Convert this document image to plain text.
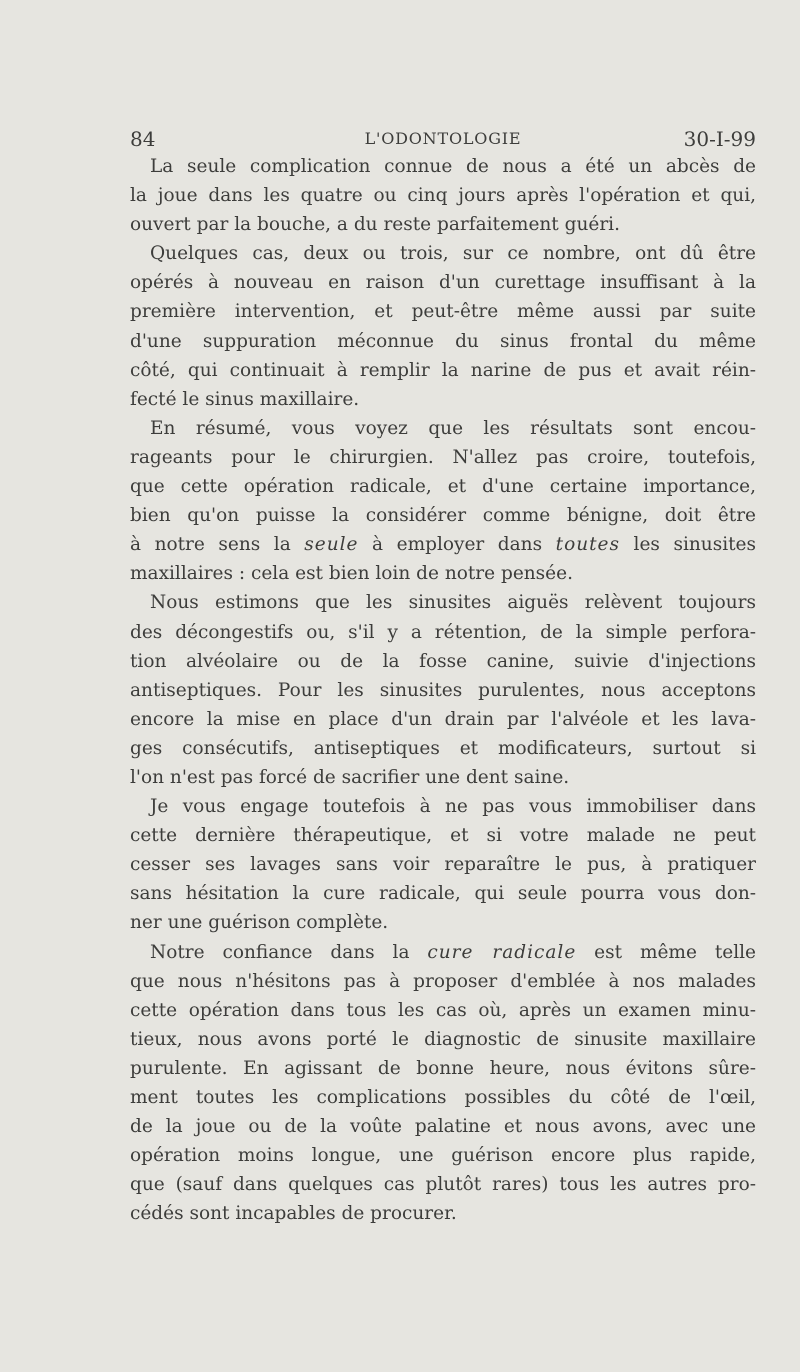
84	L'ODONTOLOGIE	30-I-99
La seule complication connue de nous a été un abcès de
la joue dans les quatre ou cinq jours après l'opération et qui,
ouvert par la bouche, a du reste parfaitement guéri.
Quelques cas, deux ou trois, sur ce nombre, ont dû être
opérés à nouveau en raison d'un curettage insuffisant à la
première intervention, et peut-être même aussi par suite
d'une suppuration méconnue du sinus frontal du même
côté, qui continuait à remplir la narine de pus et avait réin-
fecté le sinus maxillaire.
En résumé, vous voyez que les résultats sont encou-
rageants pour le chirurgien. N'allez pas croire, toutefois,
que cette opération radicale, et d'une certaine importance,
bien qu'on puisse la considérer comme bénigne, doit être
à notre sens la seule à employer dans toutes les sinusites
maxillaires : cela est bien loin de notre pensée.
Nous estimons que les sinusites aiguës relèvent toujours
des décongestifs ou, s'il y a rétention, de la simple perfora-
tion alvéolaire ou de la fosse canine, suivie d'injections
antiseptiques. Pour les sinusites purulentes, nous acceptons
encore la mise en place d'un drain par l'alvéole et les lava-
ges consécutifs, antiseptiques et modificateurs, surtout si
l'on n'est pas forcé de sacrifier une dent saine.
Je vous engage toutefois à ne pas vous immobiliser dans
cette dernière thérapeutique, et si votre malade ne peut
cesser ses lavages sans voir reparaître le pus, à pratiquer
sans hésitation la cure radicale, qui seule pourra vous don-
ner une guérison complète.
Notre confiance dans la cure radicale est même telle
que nous n'hésitons pas à proposer d'emblée à nos malades
cette opération dans tous les cas où, après un examen minu-
tieux, nous avons porté le diagnostic de sinusite maxillaire
purulente. En agissant de bonne heure, nous évitons sûre-
ment toutes les complications possibles du côté de l'œil,
de la joue ou de la voûte palatine et nous avons, avec une
opération moins longue, une guérison encore plus rapide,
que (sauf dans quelques cas plutôt rares) tous les autres pro-
cédés sont incapables de procurer.
